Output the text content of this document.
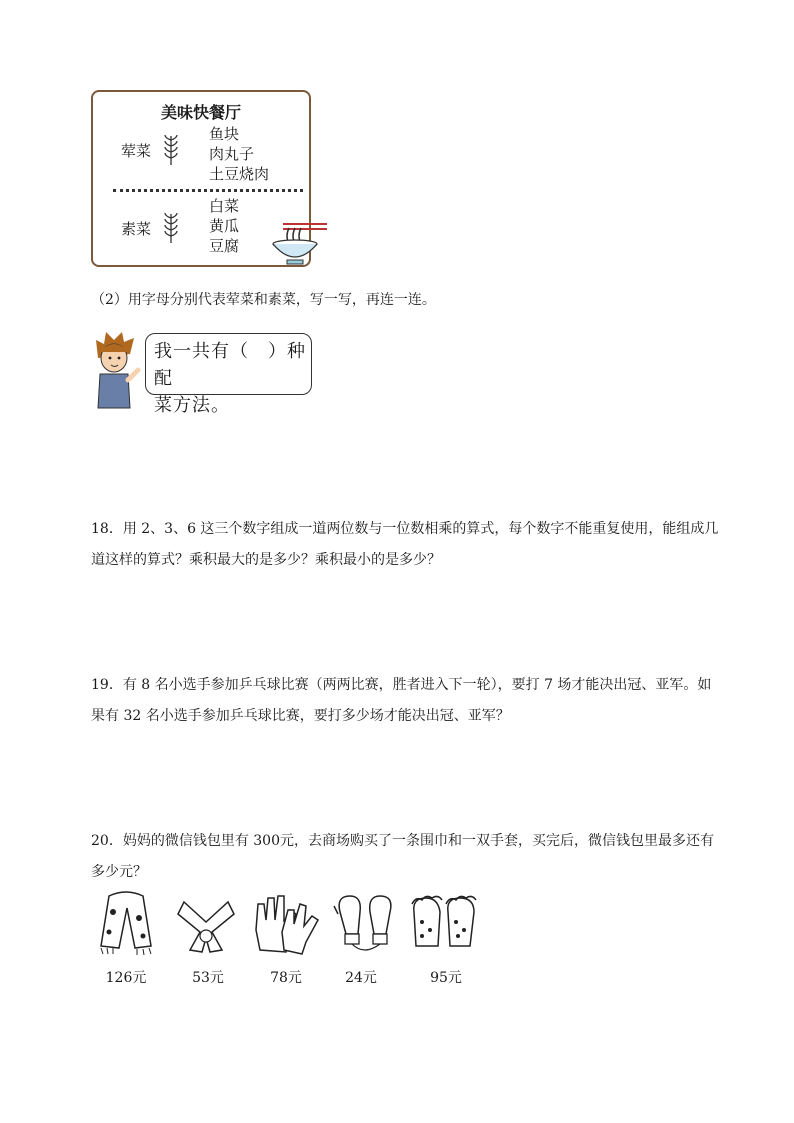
美味快餐厅
荤菜
鱼块
肉丸子
土豆烧肉
素菜
白菜
黄瓜
豆腐
（2）用字母分别代表荤菜和素菜，写一写，再连一连。
我一共有（　）种配
菜方法。
18．用 2、3、6 这三个数字组成一道两位数与一位数相乘的算式，每个数字不能重复使用，能组成几
道这样的算式？乘积最大的是多少？乘积最小的是多少？
19．有 8 名小选手参加乒乓球比赛（两两比赛，胜者进入下一轮），要打 7 场才能决出冠、亚军。如
果有 32 名小选手参加乒乓球比赛，要打多少场才能决出冠、亚军？
20．妈妈的微信钱包里有 300元，去商场购买了一条围巾和一双手套，买完后，微信钱包里最多还有
多少元？
126元	53元	78元	24元	95元
